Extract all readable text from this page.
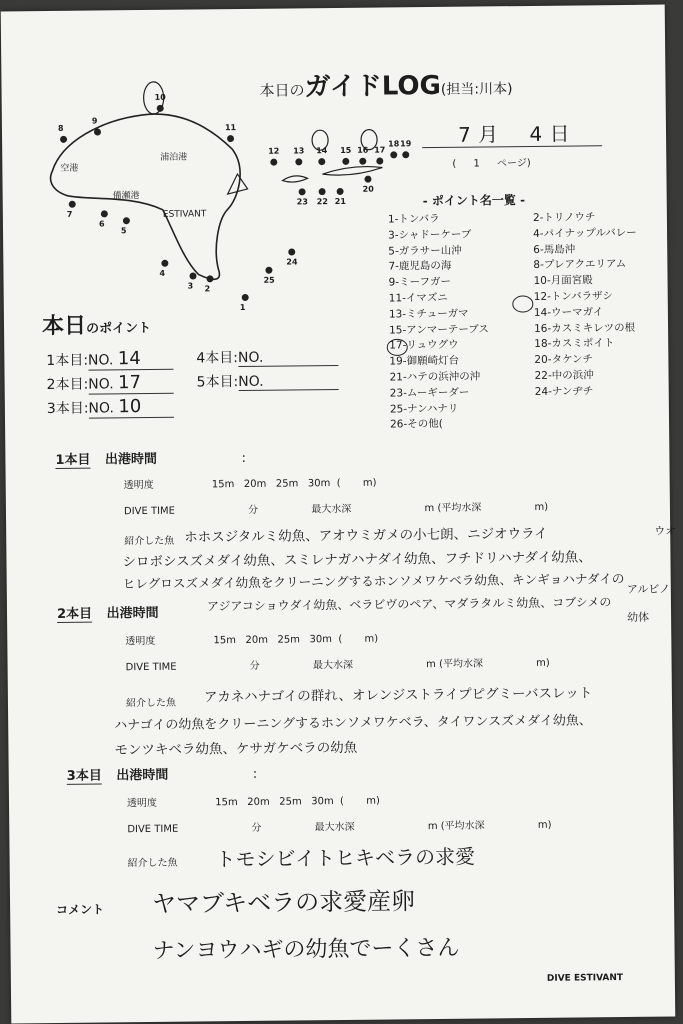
本日のガイドLOG(担当:川本)
7 月 4 日
( 1 ページ)
空港
浦泊港
備瀬港
ESTIVANT
1
2
3
4
5
6
7
8
9
10
11
12 13 14 15 16 17
18 19
20
21
22
23
24
25
- ポイント名一覧 -
1-トンバラ
3-シャドーケーブ
5-ガラサー山沖
7-鹿児島の海
9-ミーフガー
11-イマズニ
13-ミチューガマ
15-アンマーテーブス
17-リュウグウ
19-御願崎灯台
21-ハテの浜沖の沖
23-ムーギーダー
25-ナンハナリ
26-その他(
2-トリノウチ
4-パイナップルバレー
6-馬島沖
8-プレアクエリアム
10-月面宮殿
12-トンバラザシ
14-ウーマガイ
16-カスミキレツの根
18-カスミポイト
20-タケンチ
22-中の浜沖
24-ナンヂチ
本日のポイント
1本目:NO. 14
2本目:NO. 17
3本目:NO. 10
4本目:NO.
5本目:NO.
1本目 出港時間	:
透明度	15m   20m   25m   30m  (       m)
DIVE TIME	分	最大水深	m (平均水深	m)
紹介した魚 ホホスジタルミ幼魚、アオウミガメの小七朗、ニジオウライ	ウオ
シロボシスズメダイ幼魚、スミレナガハナダイ幼魚、フチドリハナダイ幼魚、
ヒレグロスズメダイ幼魚をクリーニングするホンソメワケベラ幼魚、キンギョハナダイの アルビノ
2本目 出港時間
アジアコショウダイ幼魚、ベラビヴのペア、マダラタルミ幼魚、コブシメの
幼体
透明度	15m   20m   25m   30m  (       m)
DIVE TIME	分	最大水深	m (平均水深	m)
紹介した魚 アカネハナゴイの群れ、オレンジストライプピグミーバスレット
ハナゴイの幼魚をクリーニングするホンソメワケベラ、タイワンスズメダイ幼魚、
モンツキベラ幼魚、ケサガケベラの幼魚
3本目 出港時間	:
透明度	15m   20m   25m   30m  (       m)
DIVE TIME	分	最大水深	m (平均水深	m)
紹介した魚 トモシビイトヒキベラの求愛
コメント ヤマブキベラの求愛産卵
ナンヨウハギの幼魚でーくさん
DIVE ESTIVANT
